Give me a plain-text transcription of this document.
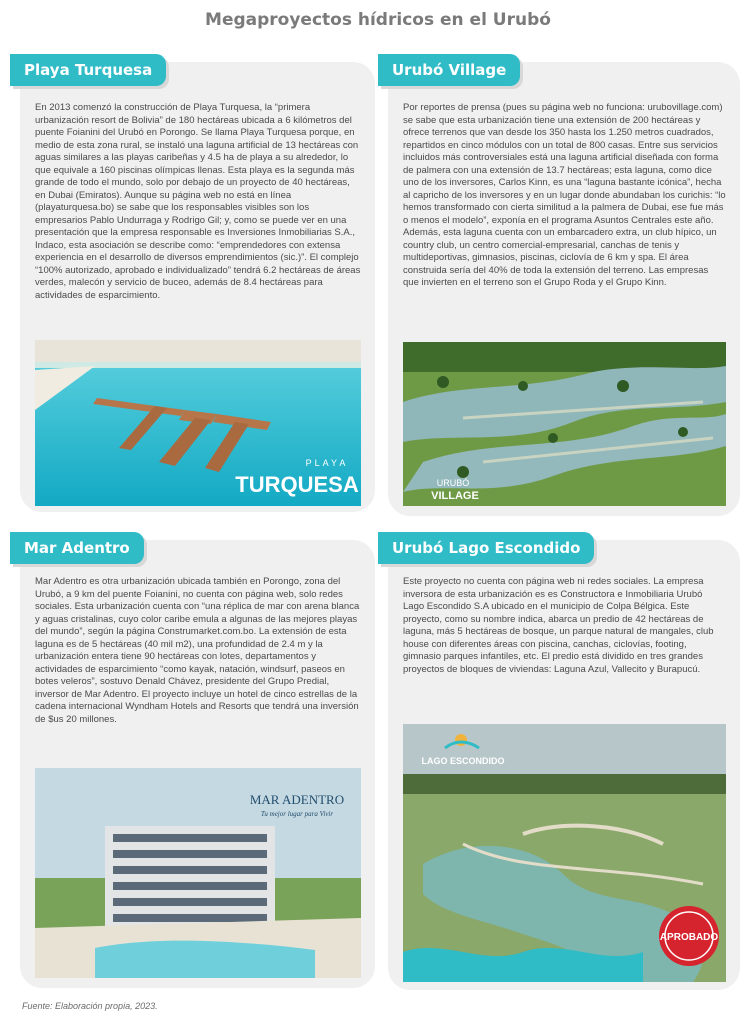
Megaproyectos hídricos en el Urubó
Playa Turquesa
En 2013 comenzó la construcción de Playa Turquesa, la “primera urbanización resort de Bolivia” de 180 hectáreas ubicada a 6 kilómetros del puente Foianini del Urubó en Porongo. Se llama Playa Turquesa porque, en medio de esta zona rural, se instaló una laguna artificial de 13 hectáreas con aguas similares a las playas caribeñas y 4.5 ha de playa a su alrededor, lo que equivale a 160 piscinas olímpicas llenas. Esta playa es la segunda más grande de todo el mundo, solo por debajo de un proyecto de 40 hectáreas, en Dubai (Emiratos). Aunque su página web no está en línea (playaturquesa.bo) se sabe que los responsables visibles son los empresarios Pablo Undurraga y Rodrigo Gil; y, como se puede ver en una presentación que la empresa responsable es Inversiones Inmobiliarias S.A., Indaco, esta asociación se describe como: “emprendedores con extensa experiencia en el desarrollo de diversos emprendimientos (sic.)”. El complejo “100% autorizado, aprobado e individualizado” tendrá 6.2 hectáreas de áreas verdes, malecón y servicio de buceo, además de 8.4 hectáreas para actividades de esparcimiento.
PLAYA
TURQUESA
Urubó Village
Por reportes de prensa (pues su página web no funciona: urubovillage.com) se sabe que esta urbanización tiene una extensión de 200 hectáreas y ofrece terrenos que van desde los 350 hasta los 1.250 metros cuadrados, repartidos en cinco módulos con un total de 800 casas. Entre sus servicios incluidos más controversiales está una laguna artificial diseñada con forma de palmera con una extensión de 13.7 hectáreas; esta laguna, como dice uno de los inversores, Carlos Kinn, es una “laguna bastante icónica”, hecha al capricho de los inversores y en un lugar donde abundaban los curichis: “lo hemos transformado con cierta similitud a la palmera de Dubai, ese fue más o menos el modelo”, exponía en el programa Asuntos Centrales este año. Además, esta laguna cuenta con un embarcadero extra, un club hípico, un country club, un centro comercial-empresarial, canchas de tenis y multideportivas, gimnasios, piscinas, ciclovía de 6 km y spa. El área construida sería del 40% de toda la extensión del terreno. Las empresas que invierten en el terreno son el Grupo Roda y el Grupo Kinn.
URUBÓ
VILLAGE
Mar Adentro
Mar Adentro es otra urbanización ubicada también en Porongo, zona del Urubó, a 9 km del puente Foianini, no cuenta con página web, solo redes sociales. Esta urbanización cuenta con “una réplica de mar con arena blanca y aguas cristalinas, cuyo color caribe emula a algunas de las mejores playas del mundo”, según la página Construmarket.com.bo. La extensión de esta laguna es de 5 hectáreas (40 mil m2), una profundidad de 2.4 m y la urbanización entera tiene 90 hectáreas con lotes, departamentos y actividades de esparcimiento “como kayak, natación, windsurf, paseos en botes veleros”, sostuvo Denald Chávez, presidente del Grupo Predial, inversor de Mar Adentro. El proyecto incluye un hotel de cinco estrellas de la cadena internacional Wyndham Hotels and Resorts que tendrá una inversión de $us 20 millones.
MAR ADENTRO
Tu mejor lugar para Vivir
Urubó Lago Escondido
Este proyecto no cuenta con página web ni redes sociales. La empresa inversora de esta urbanización es es Constructora e Inmobiliaria Urubó Lago Escondido S.A ubicado en el municipio de Colpa Bélgica. Este proyecto, como su nombre indica, abarca un predio de 42 hectáreas de laguna, más 5 hectáreas de bosque, un parque natural de mangales, club house con diferentes áreas con piscina, canchas, ciclovías, footing, gimnasio parques infantiles, etc. El predio está dividido en tres grandes proyectos de bloques de viviendas: Laguna Azul, Vallecito y Burapucú.
APROBADO
LAGO ESCONDIDO
Fuente: Elaboración propia, 2023.
